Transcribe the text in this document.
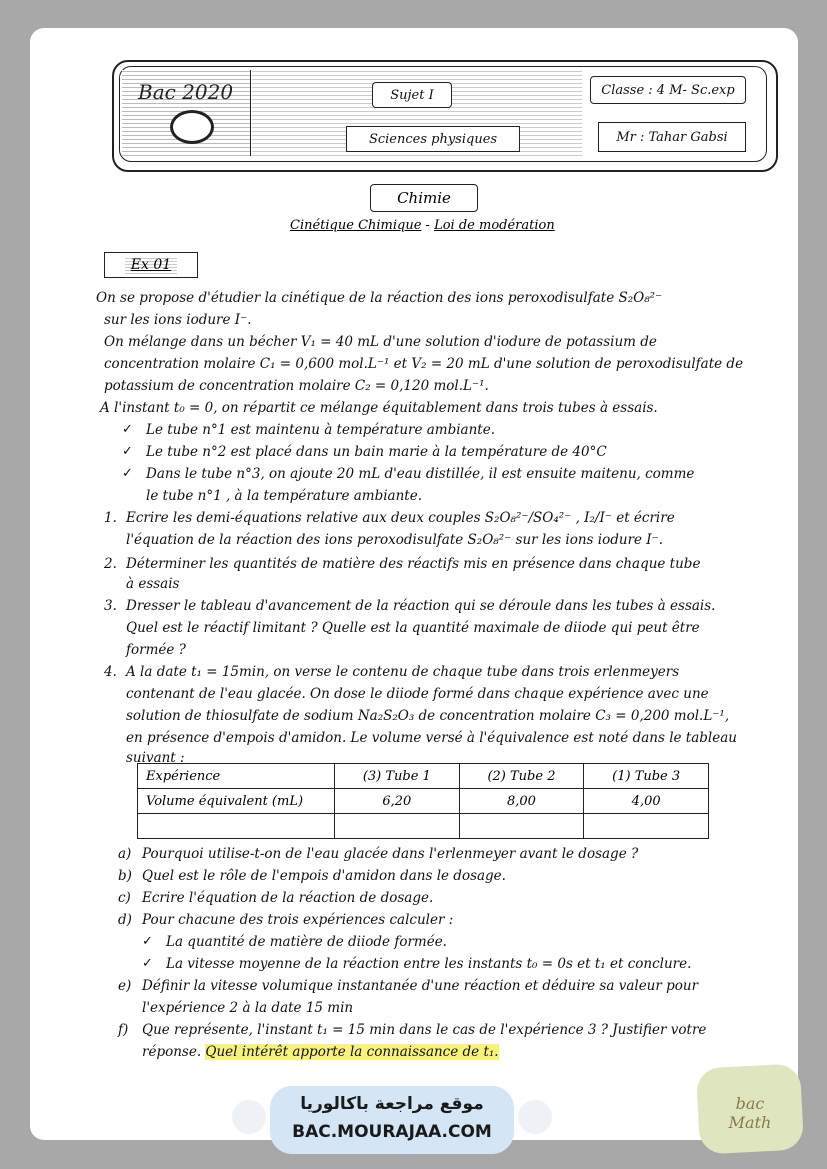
Bac 2020	Sujet I	Classe : 4 M- Sc.exp
Sciences physiques	Mr : Tahar Gabsi
Chimie
Cinétique Chimique - Loi de modération
Ex 01
On se propose d'étudier la cinétique de la réaction des ions peroxodisulfate S₂O₈²⁻
sur les ions iodure I⁻.
On mélange dans un bécher V₁ = 40 mL d'une solution d'iodure de potassium de
concentration molaire C₁ = 0,600 mol.L⁻¹ et V₂ = 20 mL d'une solution de peroxodisulfate de
potassium de concentration molaire C₂ = 0,120 mol.L⁻¹.
A l'instant t₀ = 0, on répartit ce mélange équitablement dans trois tubes à essais.
✓ Le tube n°1 est maintenu à température ambiante.
✓ Le tube n°2 est placé dans un bain marie à la température de 40°C
✓ Dans le tube n°3, on ajoute 20 mL d'eau distillée, il est ensuite maitenu, comme
le tube n°1 , à la température ambiante.
1. Ecrire les demi-équations relative aux deux couples S₂O₈²⁻/SO₄²⁻ , I₂/I⁻ et écrire
l'équation de la réaction des ions peroxodisulfate S₂O₈²⁻ sur les ions iodure I⁻.
2. Déterminer les quantités de matière des réactifs mis en présence dans chaque tube
à essais
3. Dresser le tableau d'avancement de la réaction qui se déroule dans les tubes à essais.
Quel est le réactif limitant ? Quelle est la quantité maximale de diiode qui peut être
formée ?
4. A la date t₁ = 15min, on verse le contenu de chaque tube dans trois erlenmeyers
contenant de l'eau glacée. On dose le diiode formé dans chaque expérience avec une
solution de thiosulfate de sodium Na₂S₂O₃ de concentration molaire C₃ = 0,200 mol.L⁻¹,
en présence d'empois d'amidon. Le volume versé à l'équivalence est noté dans le tableau
suivant :
Expérience	(3) Tube 1	(2) Tube 2	(1) Tube 3
Volume équivalent (mL)	6,20	8,00	4,00

a) Pourquoi utilise-t-on de l'eau glacée dans l'erlenmeyer avant le dosage ?
b) Quel est le rôle de l'empois d'amidon dans le dosage.
c) Ecrire l'équation de la réaction de dosage.
d) Pour chacune des trois expériences calculer :
✓ La quantité de matière de diiode formée.
✓ La vitesse moyenne de la réaction entre les instants t₀ = 0s et t₁ et conclure.
e) Définir la vitesse volumique instantanée d'une réaction et déduire sa valeur pour
l'expérience 2 à la date 15 min
f) Que représente, l'instant t₁ = 15 min dans le cas de l'expérience 3 ? Justifier votre
réponse. Quel intérêt apporte la connaissance de t₁.
موقع مراجعة باكالوريا
BAC.MOURAJAA.COM
bac Math
